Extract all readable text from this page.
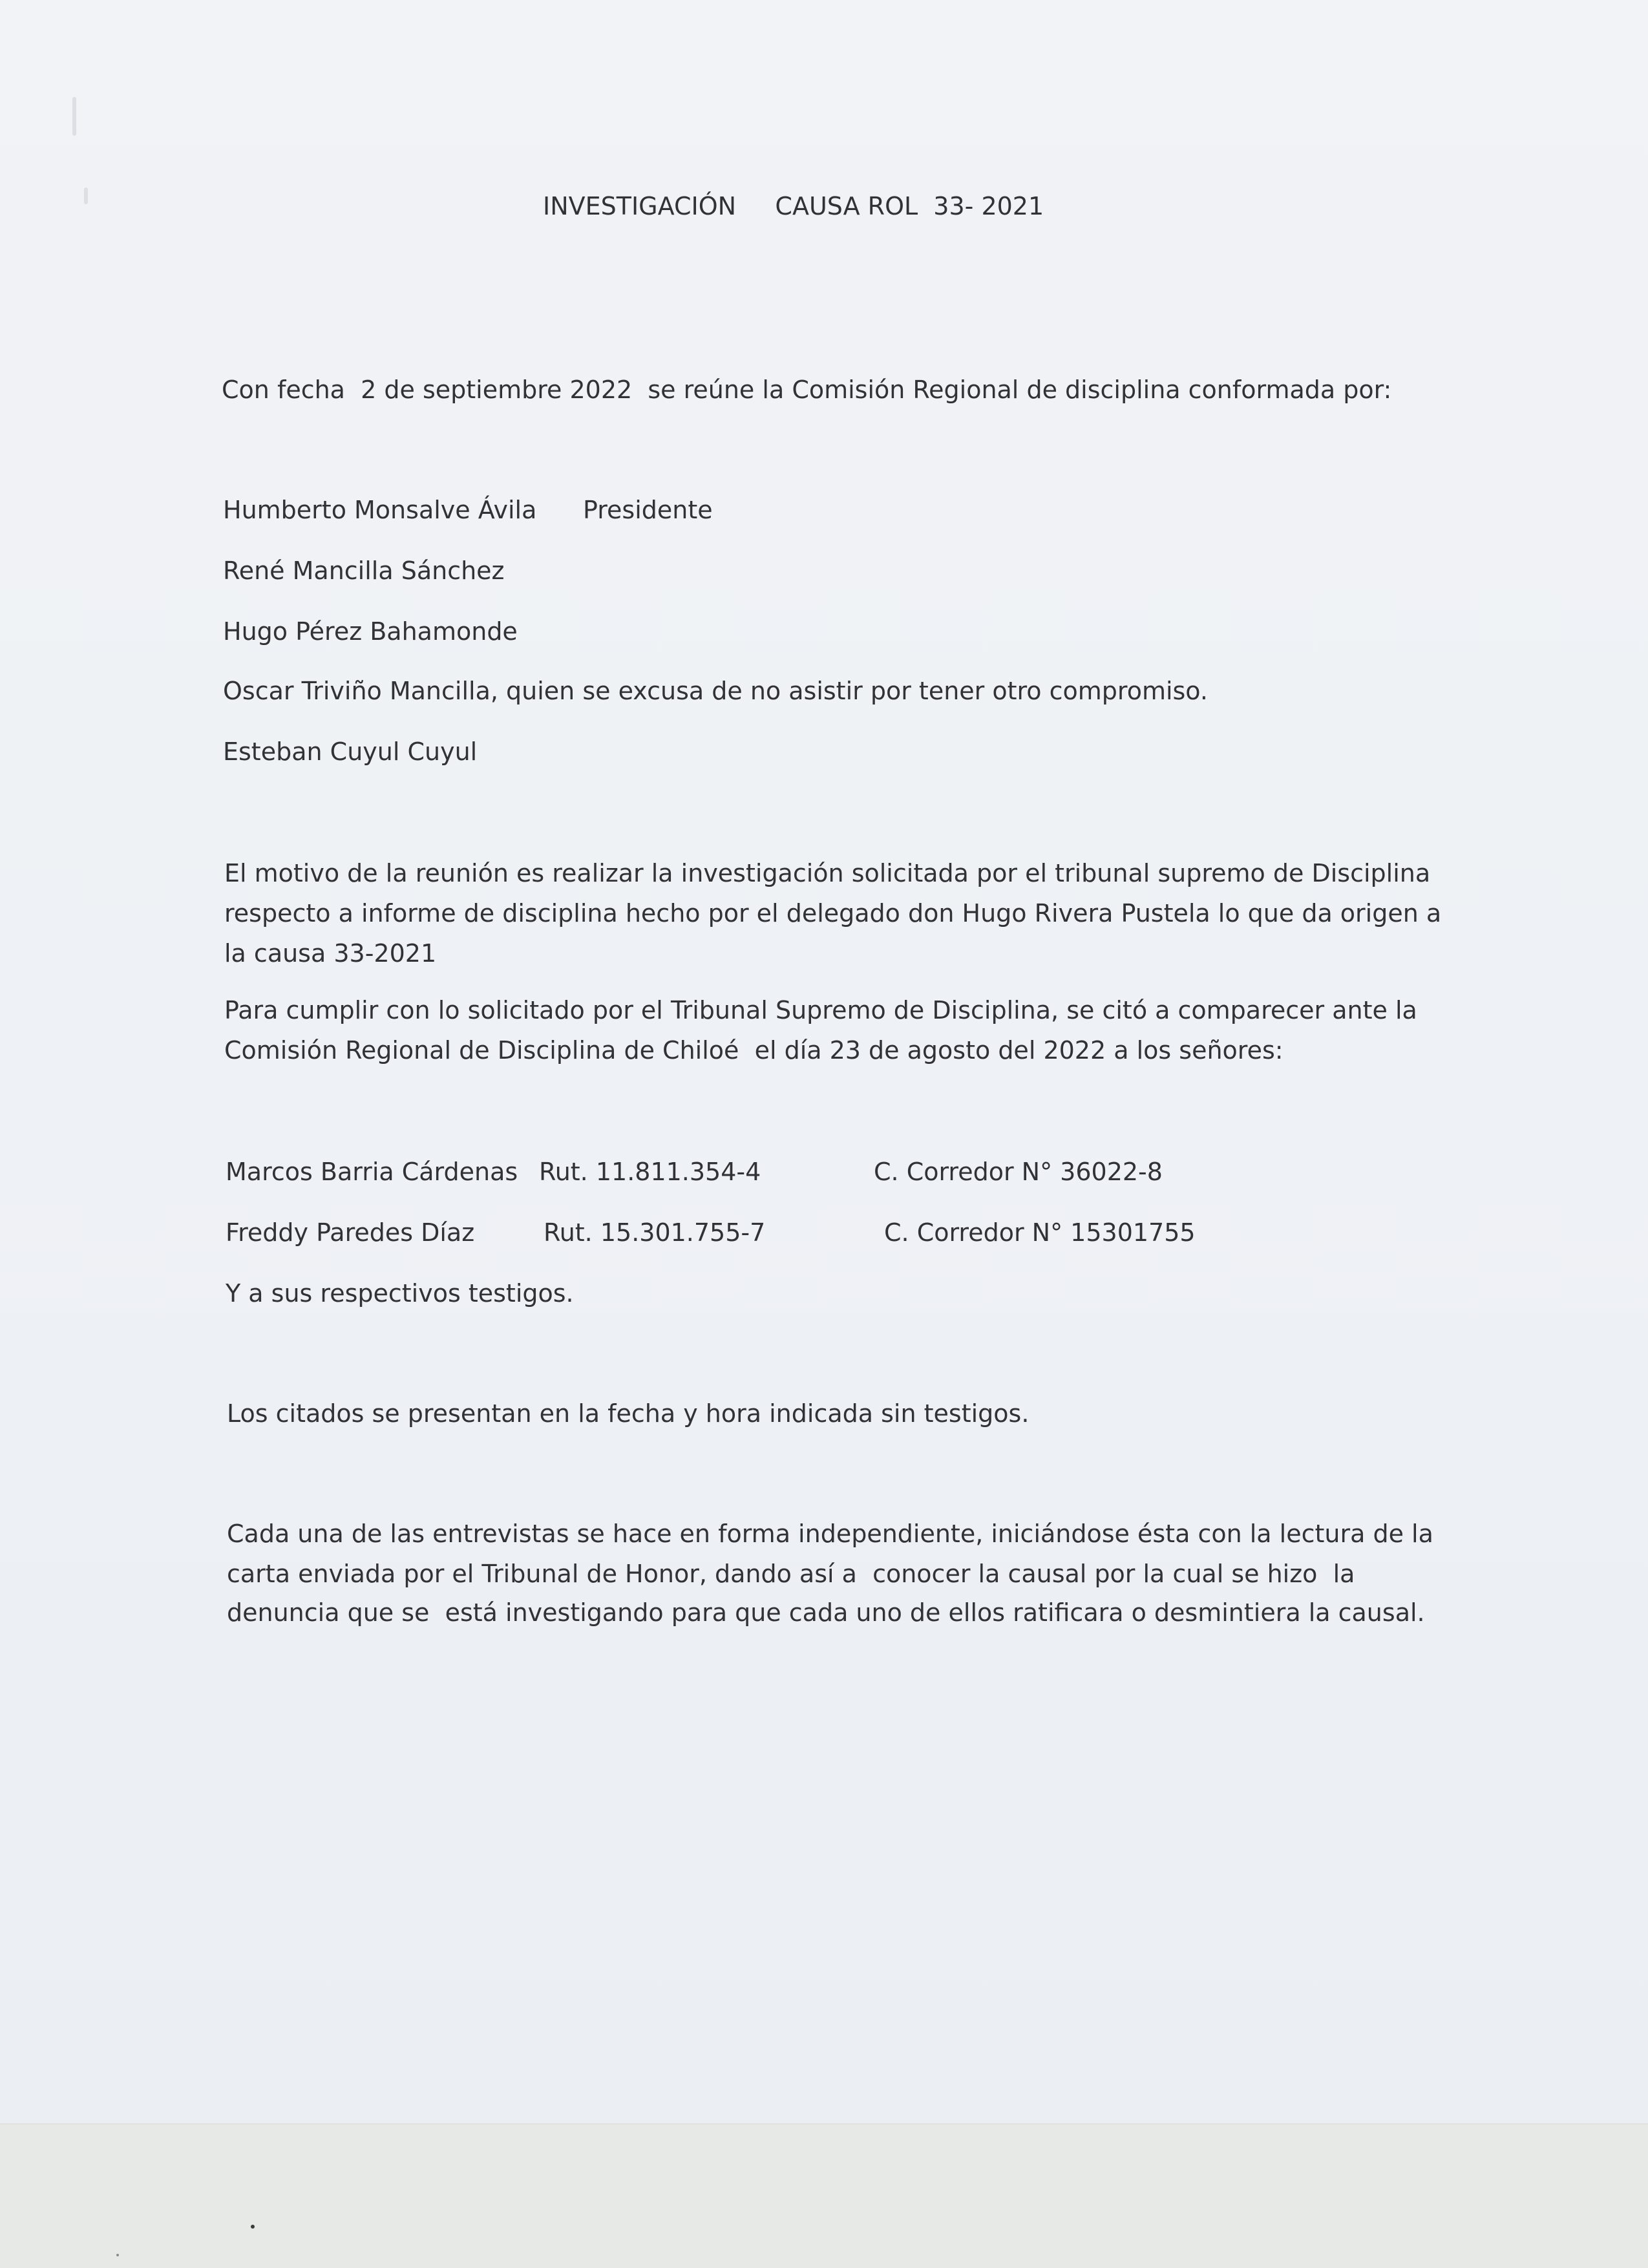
INVESTIGACIÓN     CAUSA ROL  33- 2021

Con fecha  2 de septiembre 2022  se reúne la Comisión Regional de disciplina conformada por:

Humberto Monsalve Ávila Presidente

René Mancilla Sánchez

Hugo Pérez Bahamonde

Oscar Triviño Mancilla, quien se excusa de no asistir por tener otro compromiso.

Esteban Cuyul Cuyul

El motivo de la reunión es realizar la investigación solicitada por el tribunal supremo de Disciplina

respecto a informe de disciplina hecho por el delegado don Hugo Rivera Pustela lo que da origen a

la causa 33-2021

Para cumplir con lo solicitado por el Tribunal Supremo de Disciplina, se citó a comparecer ante la

Comisión Regional de Disciplina de Chiloé  el día 23 de agosto del 2022 a los señores:

Marcos Barria Cárdenas Rut. 11.811.354-4	C. Corredor N° 36022-8

Freddy Paredes Díaz	Rut. 15.301.755-7	C. Corredor N° 15301755

Y a sus respectivos testigos.

Los citados se presentan en la fecha y hora indicada sin testigos.

Cada una de las entrevistas se hace en forma independiente, iniciándose ésta con la lectura de la

carta enviada por el Tribunal de Honor, dando así a  conocer la causal por la cual se hizo  la

denuncia que se  está investigando para que cada uno de ellos ratificara o desmintiera la causal.
